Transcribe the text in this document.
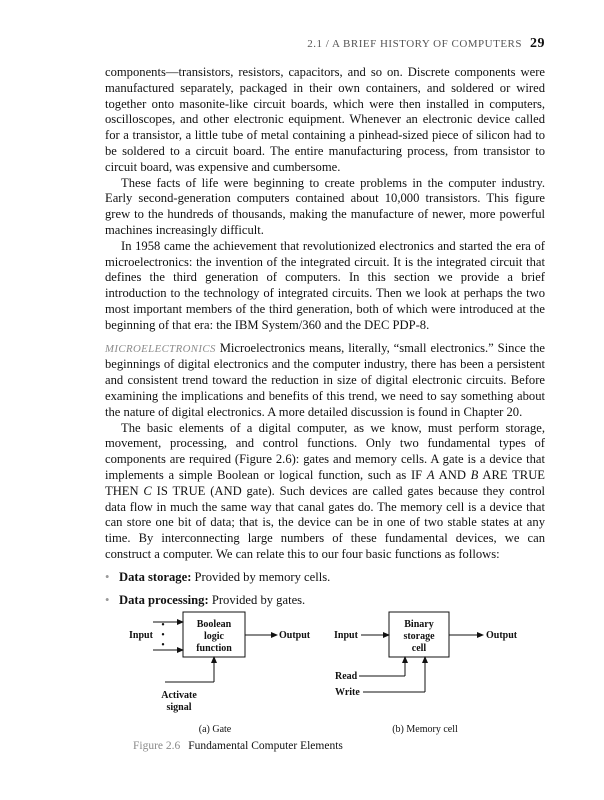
2.1 / A BRIEF HISTORY OF COMPUTERS 29

components—transistors, resistors, capacitors, and so on. Discrete components were manufactured separately, packaged in their own containers, and soldered or wired together onto masonite-like circuit boards, which were then installed in computers, oscilloscopes, and other electronic equipment. Whenever an electronic device called for a transistor, a little tube of metal containing a pinhead-sized piece of silicon had to be soldered to a circuit board. The entire manufacturing process, from transistor to circuit board, was expensive and cumbersome.

These facts of life were beginning to create problems in the computer industry. Early second-generation computers contained about 10,000 transistors. This figure grew to the hundreds of thousands, making the manufacture of newer, more powerful machines increasingly difficult.

In 1958 came the achievement that revolutionized electronics and started the era of microelectronics: the invention of the integrated circuit. It is the integrated circuit that defines the third generation of computers. In this section we provide a brief introduction to the technology of integrated circuits. Then we look at perhaps the two most important members of the third generation, both of which were introduced at the beginning of that era: the IBM System/360 and the DEC PDP-8.

MICROELECTRONICS Microelectronics means, literally, “small electronics.” Since the beginnings of digital electronics and the computer industry, there has been a persistent and consistent trend toward the reduction in size of digital electronic circuits. Before examining the implications and benefits of this trend, we need to say something about the nature of digital electronics. A more detailed discussion is found in Chapter 20.

The basic elements of a digital computer, as we know, must perform storage, movement, processing, and control functions. Only two fundamental types of components are required (Figure 2.6): gates and memory cells. A gate is a device that implements a simple Boolean or logical function, such as IF A AND B ARE TRUE THEN C IS TRUE (AND gate). Such devices are called gates because they control data flow in much the same way that canal gates do. The memory cell is a device that can store one bit of data; that is, the device can be in one of two stable states at any time. By interconnecting large numbers of these fundamental devices, we can construct a computer. We can relate this to our four basic functions as follows:

• Data storage: Provided by memory cells.
• Data processing: Provided by gates.
Boolean
logic
function
Input
•
•
•
Output
Activate
signal
(a) Gate
Binary
storage
cell
Input	Output
Read
Write
(b) Memory cell
Figure 2.6 Fundamental Computer Elements
